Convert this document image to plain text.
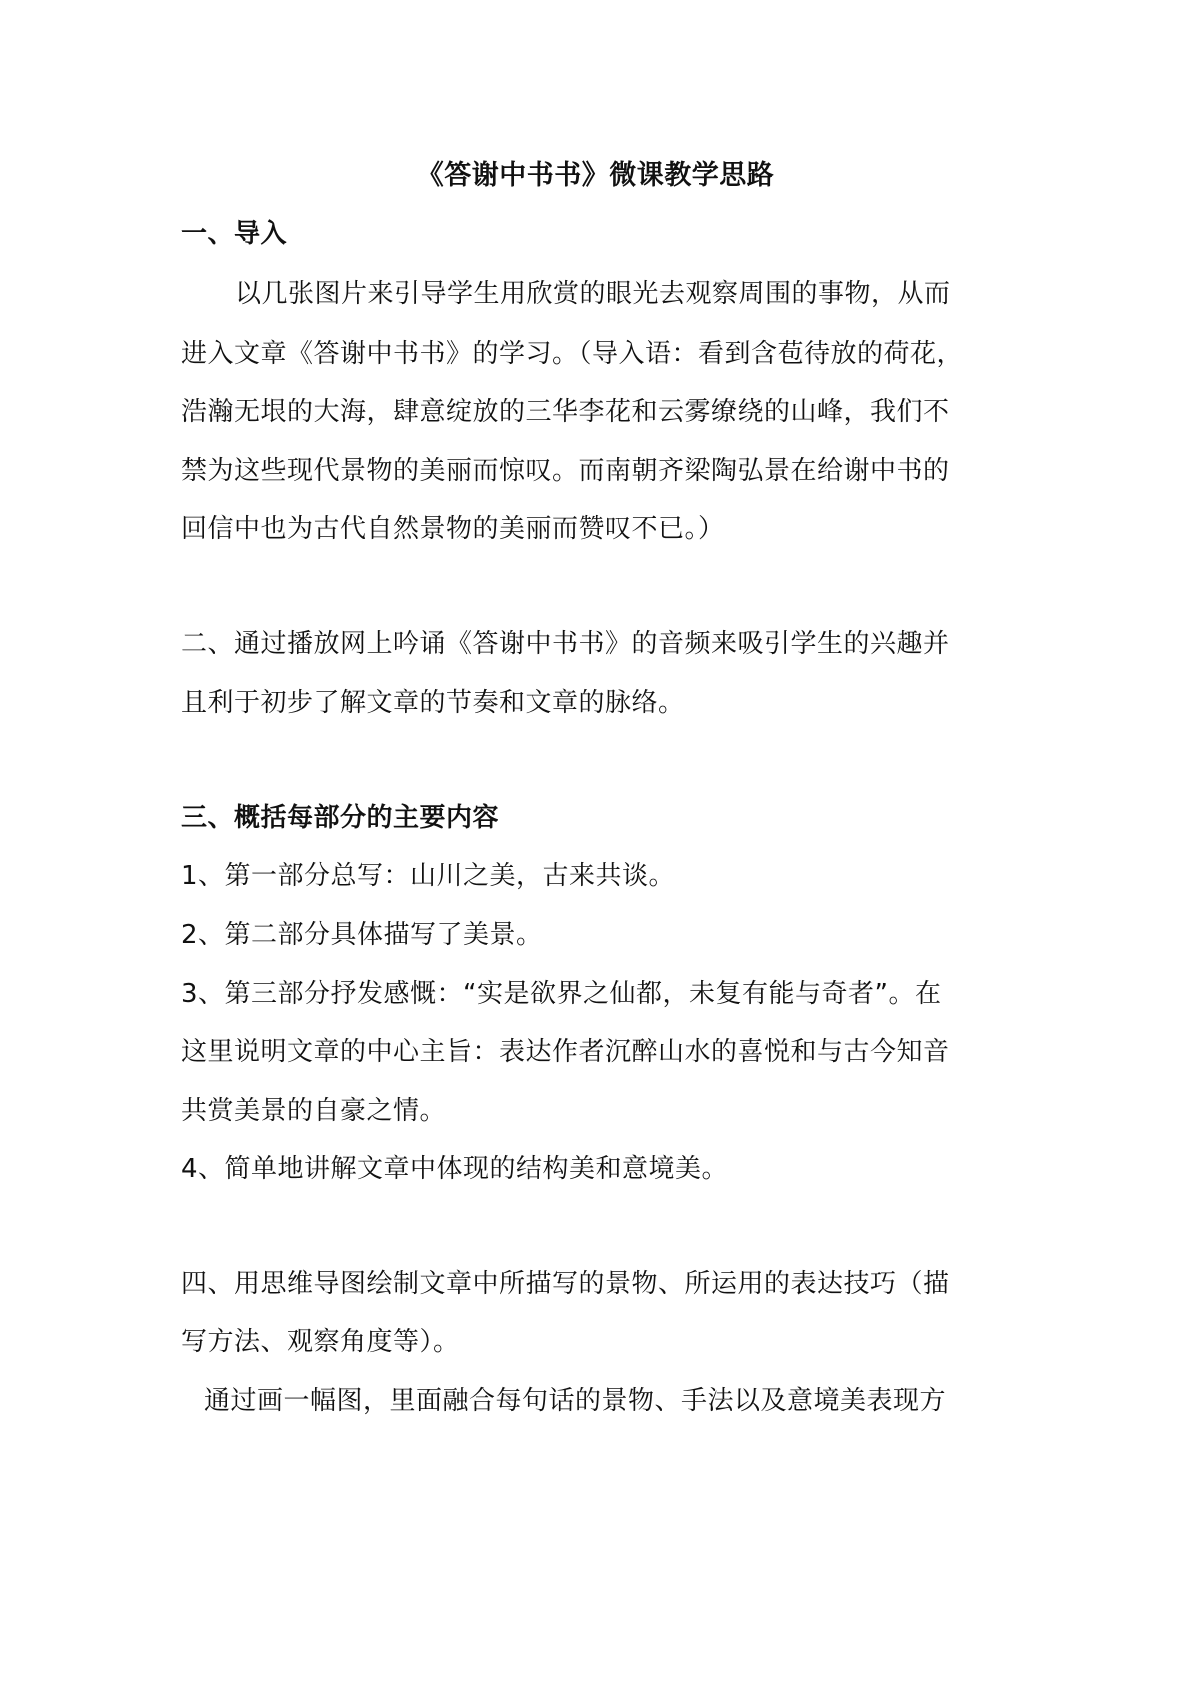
《答谢中书书》微课教学思路
一、导入
以几张图片来引导学生用欣赏的眼光去观察周围的事物，从而
进入文章《答谢中书书》的学习。（导入语：看到含苞待放的荷花，
浩瀚无垠的大海，肆意绽放的三华李花和云雾缭绕的山峰，我们不
禁为这些现代景物的美丽而惊叹。而南朝齐梁陶弘景在给谢中书的
回信中也为古代自然景物的美丽而赞叹不已。）
二、通过播放网上吟诵《答谢中书书》的音频来吸引学生的兴趣并
且利于初步了解文章的节奏和文章的脉络。
三、概括每部分的主要内容
1、第一部分总写：山川之美，古来共谈。
2、第二部分具体描写了美景。
3、第三部分抒发感慨：“实是欲界之仙都，未复有能与奇者”。在
这里说明文章的中心主旨：表达作者沉醉山水的喜悦和与古今知音
共赏美景的自豪之情。
4、简单地讲解文章中体现的结构美和意境美。
四、用思维导图绘制文章中所描写的景物、所运用的表达技巧（描
写方法、观察角度等）。
通过画一幅图，里面融合每句话的景物、手法以及意境美表现方
